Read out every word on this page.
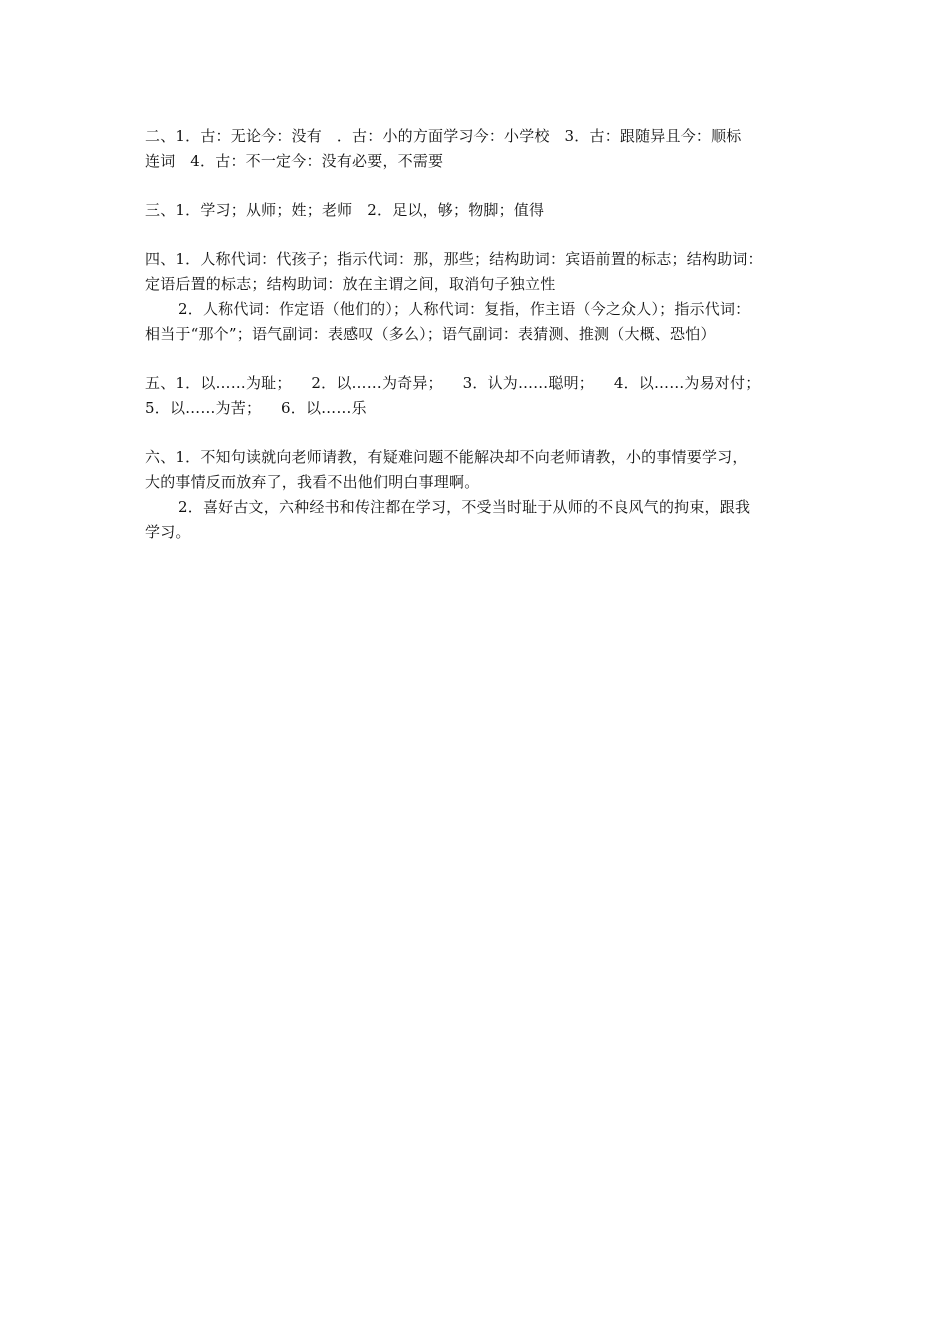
二、1．古：无论今：没有   ．古：小的方面学习今：小学校   3．古：跟随异且今：顺标
连词   4．古：不一定今：没有必要，不需要
三、1．学习；从师；姓；老师   2．足以，够；物脚；值得
四、1．人称代词：代孩子；指示代词：那，那些；结构助词：宾语前置的标志；结构助词：
定语后置的标志；结构助词：放在主谓之间，取消句子独立性
2．人称代词：作定语（他们的）；人称代词：复指，作主语（今之众人）；指示代词：
相当于“那个”；语气副词：表感叹（多么）；语气副词：表猜测、推测（大概、恐怕）
五、1．以……为耻；    2．以……为奇异；    3．认为……聪明；    4．以……为易对付；
5．以……为苦；    6．以……乐
六、1．不知句读就向老师请教，有疑难问题不能解决却不向老师请教，小的事情要学习，
大的事情反而放弃了，我看不出他们明白事理啊。
2．喜好古文，六种经书和传注都在学习，不受当时耻于从师的不良风气的拘束，跟我
学习。
